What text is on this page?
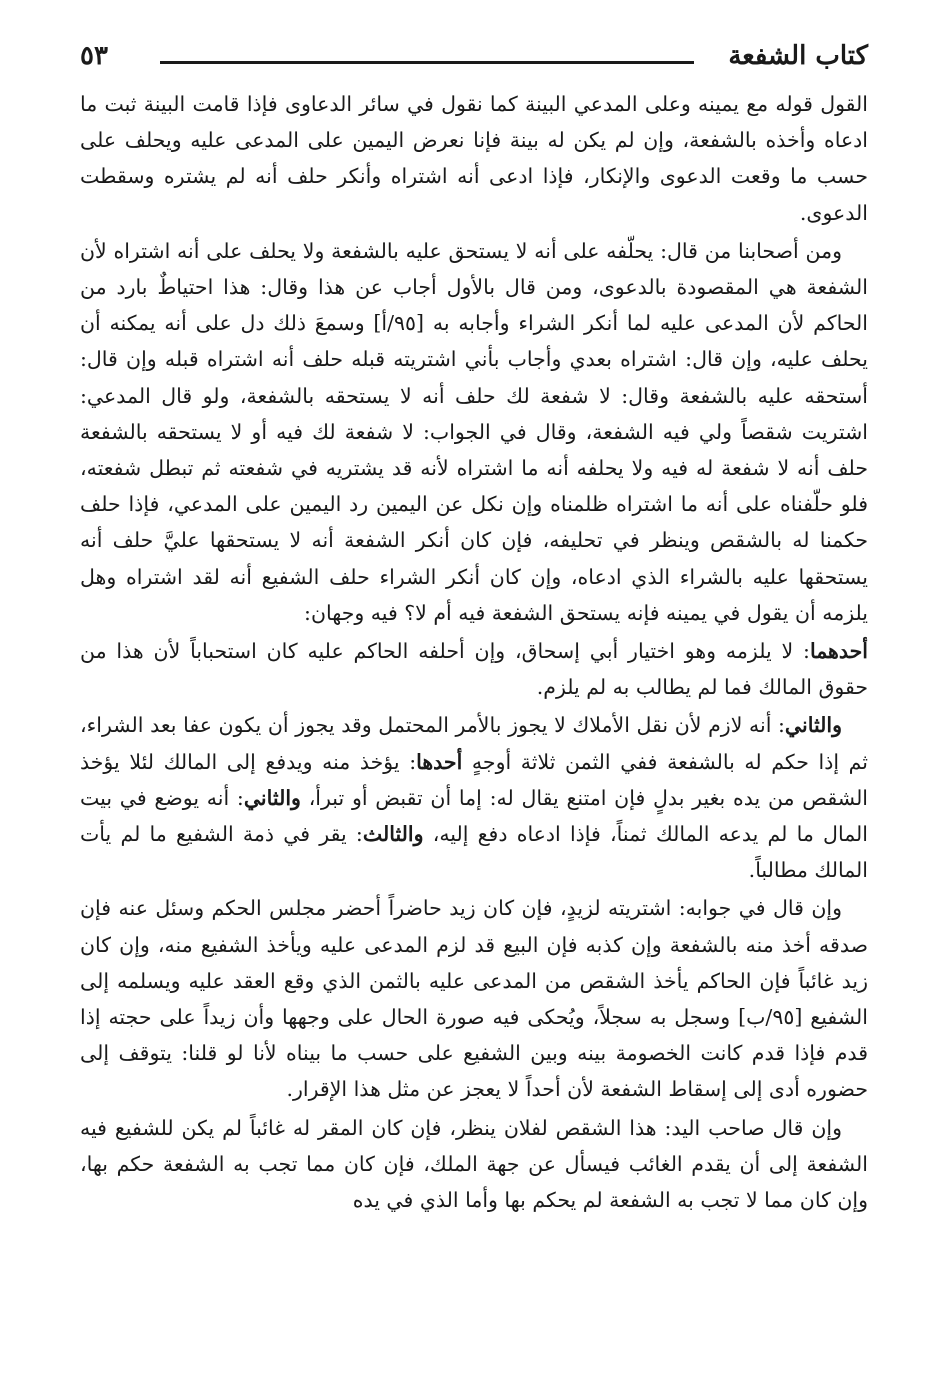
كتاب الشفعة
٥٣

القول قوله مع يمينه وعلى المدعي البينة كما نقول في سائر الدعاوى فإذا قامت البينة ثبت ما ادعاه وأخذه بالشفعة، وإن لم يكن له بينة فإنا نعرض اليمين على المدعى عليه ويحلف على حسب ما وقعت الدعوى والإنكار، فإذا ادعى أنه اشتراه وأنكر حلف أنه لم يشتره وسقطت الدعوى.

ومن أصحابنا من قال: يحلّفه على أنه لا يستحق عليه بالشفعة ولا يحلف على أنه اشتراه لأن الشفعة هي المقصودة بالدعوى، ومن قال بالأول أجاب عن هذا وقال: هذا احتياطٌ بارد من الحاكم لأن المدعى عليه لما أنكر الشراء وأجابه به [٩٥/أ] وسمعَ ذلك دل على أنه يمكنه أن يحلف عليه، وإن قال: اشتراه بعدي وأجاب بأني اشتريته قبله حلف أنه اشتراه قبله وإن قال: أستحقه عليه بالشفعة وقال: لا شفعة لك حلف أنه لا يستحقه بالشفعة، ولو قال المدعي: اشتريت شقصاً ولي فيه الشفعة، وقال في الجواب: لا شفعة لك فيه أو لا يستحقه بالشفعة حلف أنه لا شفعة له فيه ولا يحلفه أنه ما اشتراه لأنه قد يشتريه في شفعته ثم تبطل شفعته، فلو حلّفناه على أنه ما اشتراه ظلمناه وإن نكل عن اليمين رد اليمين على المدعي، فإذا حلف حكمنا له بالشقص وينظر في تحليفه، فإن كان أنكر الشفعة أنه لا يستحقها عليَّ حلف أنه يستحقها عليه بالشراء الذي ادعاه، وإن كان أنكر الشراء حلف الشفيع أنه لقد اشتراه وهل يلزمه أن يقول في يمينه فإنه يستحق الشفعة فيه أم لا؟ فيه وجهان:

أحدهما: لا يلزمه وهو اختيار أبي إسحاق، وإن أحلفه الحاكم عليه كان استحباباً لأن هذا من حقوق المالك فما لم يطالب به لم يلزم.

والثاني: أنه لازم لأن نقل الأملاك لا يجوز بالأمر المحتمل وقد يجوز أن يكون عفا بعد الشراء، ثم إذا حكم له بالشفعة ففي الثمن ثلاثة أوجهٍ أحدها: يؤخذ منه ويدفع إلى المالك لئلا يؤخذ الشقص من يده بغير بدلٍ فإن امتنع يقال له: إما أن تقبض أو تبرأ، والثاني: أنه يوضع في بيت المال ما لم يدعه المالك ثمناً، فإذا ادعاه دفع إليه، والثالث: يقر في ذمة الشفيع ما لم يأت المالك مطالباً.

وإن قال في جوابه: اشتريته لزيدٍ، فإن كان زيد حاضراً أحضر مجلس الحكم وسئل عنه فإن صدقه أخذ منه بالشفعة وإن كذبه فإن البيع قد لزم المدعى عليه ويأخذ الشفيع منه، وإن كان زيد غائباً فإن الحاكم يأخذ الشقص من المدعى عليه بالثمن الذي وقع العقد عليه ويسلمه إلى الشفيع [٩٥/ب] وسجل به سجلاً، ويُحكى فيه صورة الحال على وجهها وأن زيداً على حجته إذا قدم فإذا قدم كانت الخصومة بينه وبين الشفيع على حسب ما بيناه لأنا لو قلنا: يتوقف إلى حضوره أدى إلى إسقاط الشفعة لأن أحداً لا يعجز عن مثل هذا الإقرار.

وإن قال صاحب اليد: هذا الشقص لفلان ينظر، فإن كان المقر له غائباً لم يكن للشفيع فيه الشفعة إلى أن يقدم الغائب فيسأل عن جهة الملك، فإن كان مما تجب به الشفعة حكم بها، وإن كان مما لا تجب به الشفعة لم يحكم بها وأما الذي في يده
